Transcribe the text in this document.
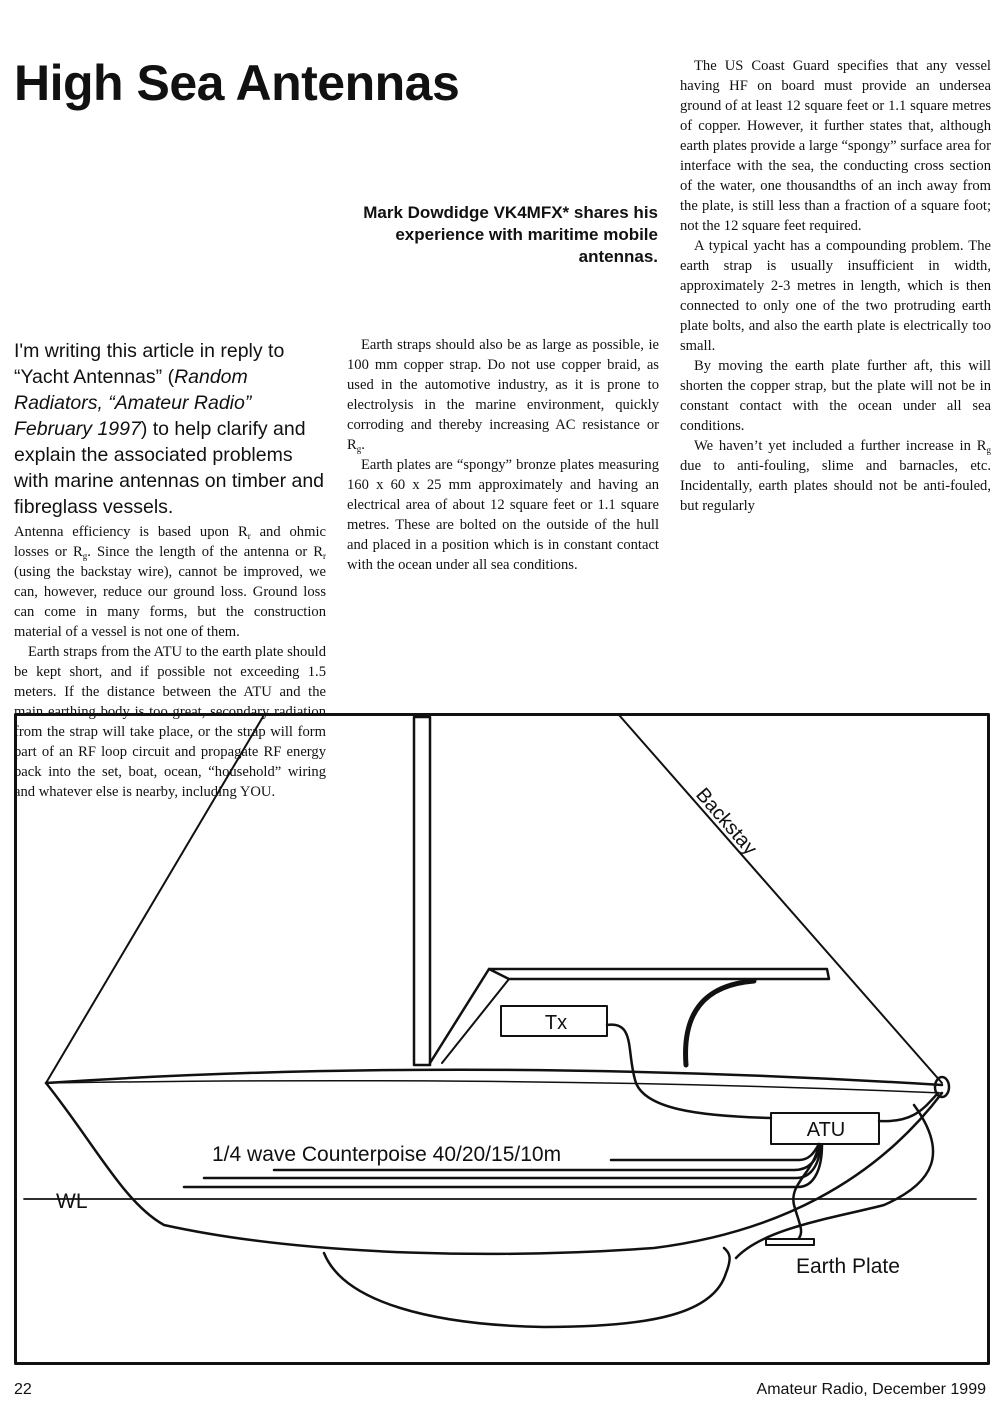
High Sea Antennas

Mark Dowdidge VK4MFX* shares his experience with maritime mobile antennas.

I'm writing this article in reply to “Yacht Antennas” (Random Radiators, “Amateur Radio” February 1997) to help clarify and explain the associated problems with marine antennas on timber and fibreglass vessels.

Antenna efficiency is based upon $R_r$ and ohmic losses or $R_g$. Since the length of the antenna or $R_r$ (using the backstay wire), cannot be improved, we can, however, reduce our ground loss. Ground loss can come in many forms, but the construction material of a vessel is not one of them.

Earth straps from the ATU to the earth plate should be kept short, and if possible not exceeding 1.5 meters. If the distance between the ATU and the main earthing body is too great, secondary radiation from the strap will take place, or the strap will form part of an RF loop circuit and propagate RF energy back into the set, boat, ocean, “household” wiring and whatever else is nearby, including YOU.

Earth straps should also be as large as possible, ie 100 mm copper strap. Do not use copper braid, as used in the automotive industry, as it is prone to electrolysis in the marine environment, quickly corroding and thereby increasing AC resistance or $R_g$.

Earth plates are “spongy” bronze plates measuring 160 x 60 x 25 mm approximately and having an electrical area of about 12 square feet or 1.1 square metres. These are bolted on the outside of the hull and placed in a position which is in constant contact with the ocean under all sea conditions.

The US Coast Guard specifies that any vessel having HF on board must provide an undersea ground of at least 12 square feet or 1.1 square metres of copper. However, it further states that, although earth plates provide a large “spongy” surface area for interface with the sea, the conducting cross section of the water, one thousandths of an inch away from the plate, is still less than a fraction of a square foot; not the 12 square feet required.

A typical yacht has a compounding problem. The earth strap is usually insufficient in width, approximately 2-3 metres in length, which is then connected to only one of the two protruding earth plate bolts, and also the earth plate is electrically too small.

By moving the earth plate further aft, this will shorten the copper strap, but the plate will not be in constant contact with the ocean under all sea conditions.

We haven’t yet included a further increase in $R_g$ due to anti-fouling, slime and barnacles, etc. Incidentally, earth plates should not be anti-fouled, but regularly

Backstay
Tx
ATU
1/4 wave Counterpoise 40/20/15/10m
WL
Earth Plate
22	Amateur Radio, December 1999
